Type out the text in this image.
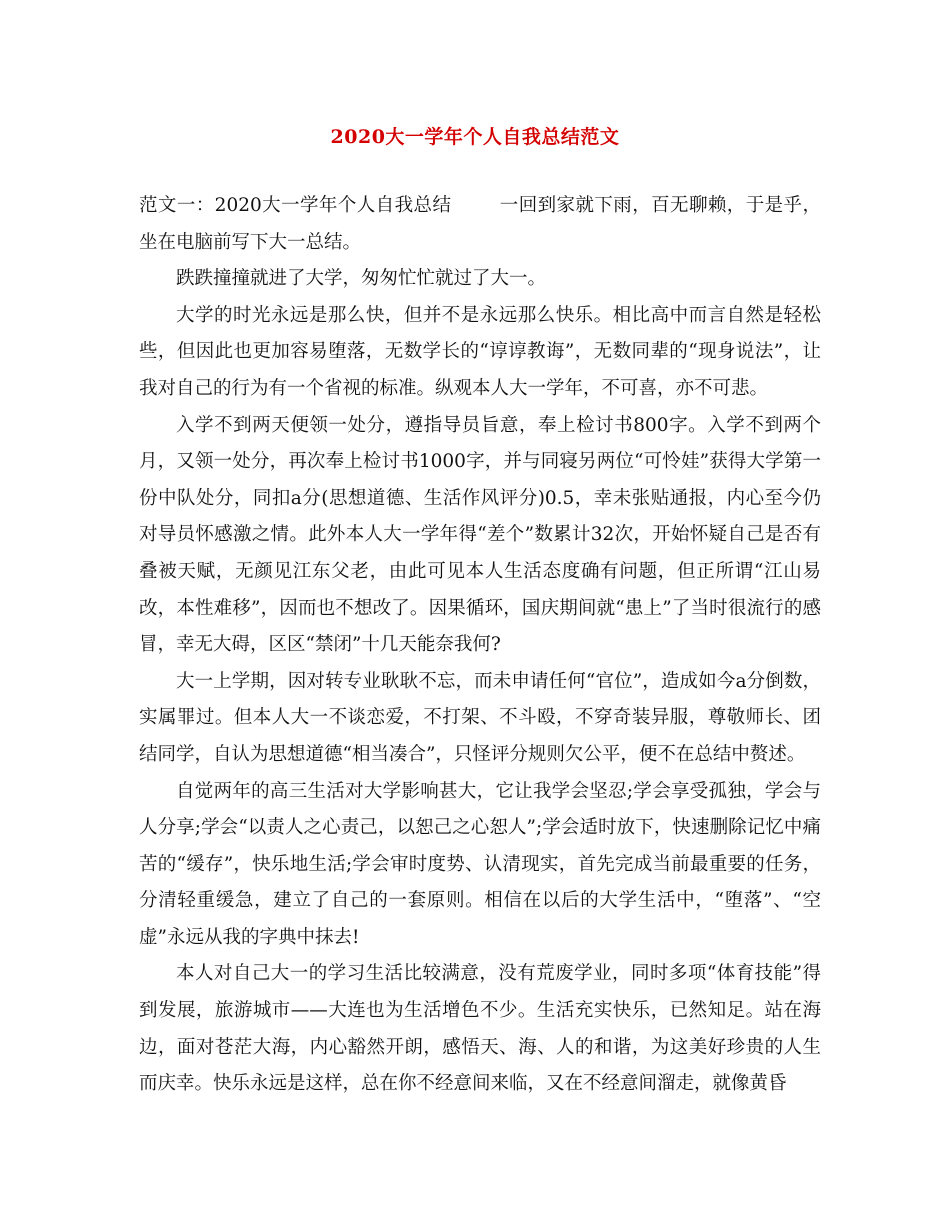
2020大一学年个人自我总结范文

范文一：2020大一学年个人自我总结	一回到家就下雨，百无聊赖，于是乎，坐在电脑前写下大一总结。

跌跌撞撞就进了大学，匆匆忙忙就过了大一。

大学的时光永远是那么快，但并不是永远那么快乐。相比高中而言自然是轻松些，但因此也更加容易堕落，无数学长的“谆谆教诲”，无数同辈的“现身说法”，让我对自己的行为有一个省视的标准。纵观本人大一学年，不可喜，亦不可悲。

入学不到两天便领一处分，遵指导员旨意，奉上检讨书800字。入学不到两个月，又领一处分，再次奉上检讨书1000字，并与同寝另两位“可怜娃”获得大学第一份中队处分，同扣a分(思想道德、生活作风评分)0.5，幸未张贴通报，内心至今仍对导员怀感激之情。此外本人大一学年得“差个”数累计32次，开始怀疑自己是否有叠被天赋，无颜见江东父老，由此可见本人生活态度确有问题，但正所谓“江山易改，本性难移”，因而也不想改了。因果循环，国庆期间就“患上”了当时很流行的感冒，幸无大碍，区区“禁闭”十几天能奈我何?

大一上学期，因对转专业耿耿不忘，而未申请任何“官位”，造成如今a分倒数，实属罪过。但本人大一不谈恋爱，不打架、不斗殴，不穿奇装异服，尊敬师长、团结同学，自认为思想道德“相当凑合”，只怪评分规则欠公平，便不在总结中赘述。

自觉两年的高三生活对大学影响甚大，它让我学会坚忍;学会享受孤独，学会与人分享;学会“以责人之心责己，以恕己之心恕人”;学会适时放下，快速删除记忆中痛苦的“缓存”，快乐地生活;学会审时度势、认清现实，首先完成当前最重要的任务，分清轻重缓急，建立了自己的一套原则。相信在以后的大学生活中，“堕落”、“空虚”永远从我的字典中抹去!

本人对自己大一的学习生活比较满意，没有荒废学业，同时多项“体育技能”得到发展，旅游城市——大连也为生活增色不少。生活充实快乐，已然知足。站在海边，面对苍茫大海，内心豁然开朗，感悟天、海、人的和谐，为这美好珍贵的人生而庆幸。快乐永远是这样，总在你不经意间来临，又在不经意间溜走，就像黄昏
